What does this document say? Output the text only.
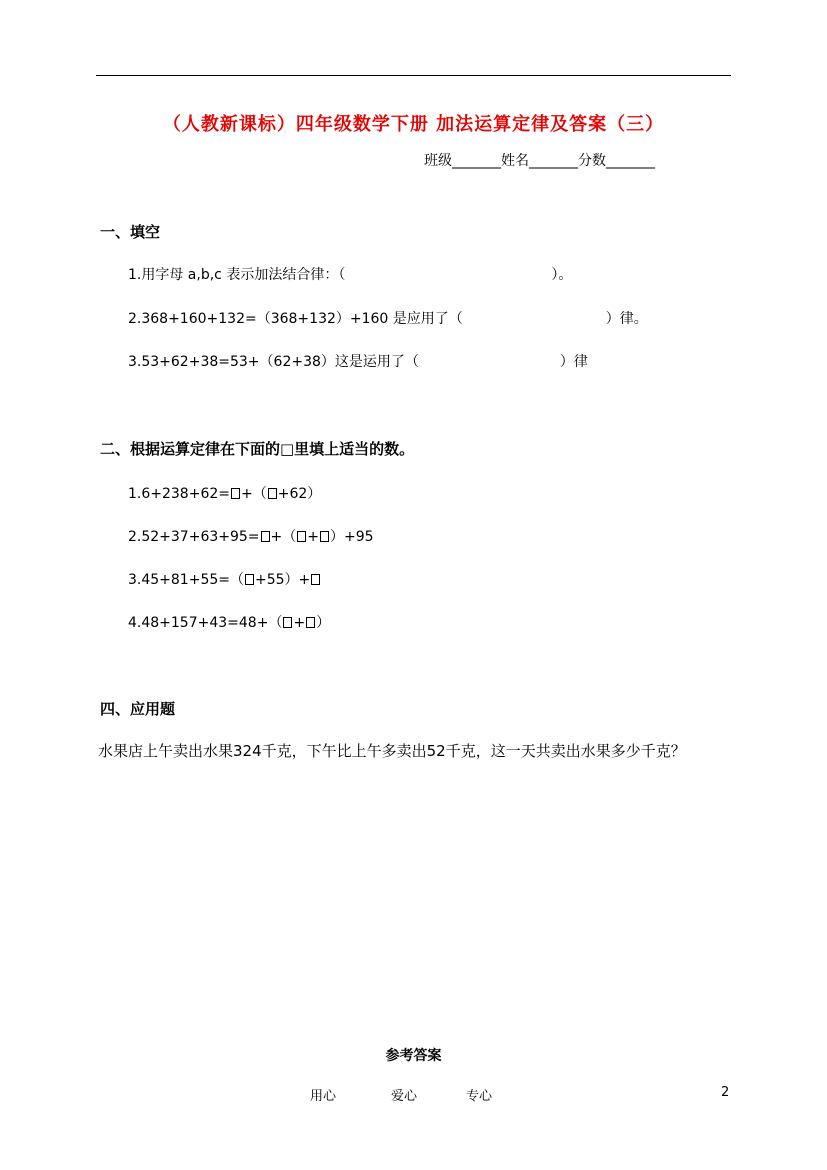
（人教新课标）四年级数学下册 加法运算定律及答案（三）
班级_______姓名_______分数_______
一、填空
1.用字母 a,b,c 表示加法结合律：（	）。
2.368+160+132=（368+132）+160 是应用了（	）律。
3.53+62+38=53+（62+38）这是运用了（	）律
二、根据运算定律在下面的□里填上适当的数。
1.6+238+62= +（ +62）
2.52+37+63+95= +（ + ）+95
3.45+81+55=（ +55）+
4.48+157+43=48+（ + ）
四、应用题
水果店上午卖出水果324千克，下午比上午多卖出52千克，这一天共卖出水果多少千克？
参考答案
用心	爱心	专心	2
